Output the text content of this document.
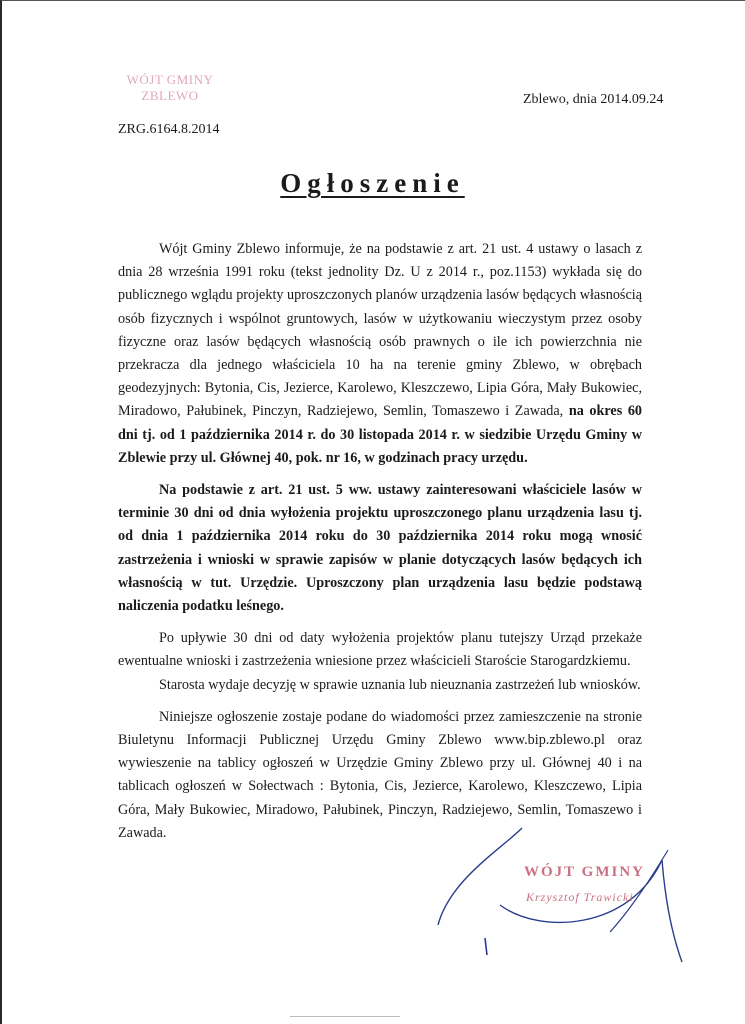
WÓJT GMINY
ZBLEWO	Zblewo, dnia 2014.09.24
ZRG.6164.8.2014
Ogłoszenie

Wójt Gminy Zblewo informuje, że na podstawie z art. 21 ust. 4 ustawy o lasach z dnia 28 września 1991 roku (tekst jednolity Dz. U z 2014 r., poz.1153) wykłada się do publicznego wglądu projekty uproszczonych planów urządzenia lasów będących własnością osób fizycznych i wspólnot gruntowych, lasów w użytkowaniu wieczystym przez osoby fizyczne oraz lasów będących własnością osób prawnych o ile ich powierzchnia nie przekracza dla jednego właściciela 10 ha na terenie gminy Zblewo, w obrębach geodezyjnych: Bytonia, Cis, Jezierce, Karolewo, Kleszczewo, Lipia Góra, Mały Bukowiec, Miradowo, Pałubinek, Pinczyn, Radziejewo, Semlin, Tomaszewo i Zawada, na okres 60 dni tj. od 1 października 2014 r. do 30 listopada 2014 r. w siedzibie Urzędu Gminy w Zblewie przy ul. Głównej 40, pok. nr 16, w godzinach pracy urzędu.

Na podstawie z art. 21 ust. 5 ww. ustawy zainteresowani właściciele lasów w terminie 30 dni od dnia wyłożenia projektu uproszczonego planu urządzenia lasu tj. od dnia 1 października 2014 roku do 30 października 2014 roku mogą wnosić zastrzeżenia i wnioski w sprawie zapisów w planie dotyczących lasów będących ich własnością w tut. Urzędzie. Uproszczony plan urządzenia lasu będzie podstawą naliczenia podatku leśnego.

Po upływie 30 dni od daty wyłożenia projektów planu tutejszy Urząd przekaże ewentualne wnioski i zastrzeżenia wniesione przez właścicieli Staroście Starogardzkiemu.

Starosta wydaje decyzję w sprawie uznania lub nieuznania zastrzeżeń lub wniosków.

Niniejsze ogłoszenie zostaje podane do wiadomości przez zamieszczenie na stronie Biuletynu Informacji Publicznej Urzędu Gminy Zblewo www.bip.zblewo.pl oraz wywieszenie na tablicy ogłoszeń w Urzędzie Gminy Zblewo przy ul. Głównej 40 i na tablicach ogłoszeń w Sołectwach : Bytonia, Cis, Jezierce, Karolewo, Kleszczewo, Lipia Góra, Mały Bukowiec, Miradowo, Pałubinek, Pinczyn, Radziejewo, Semlin, Tomaszewo i Zawada.

WÓJT GMINY
Krzysztof Trawicki
